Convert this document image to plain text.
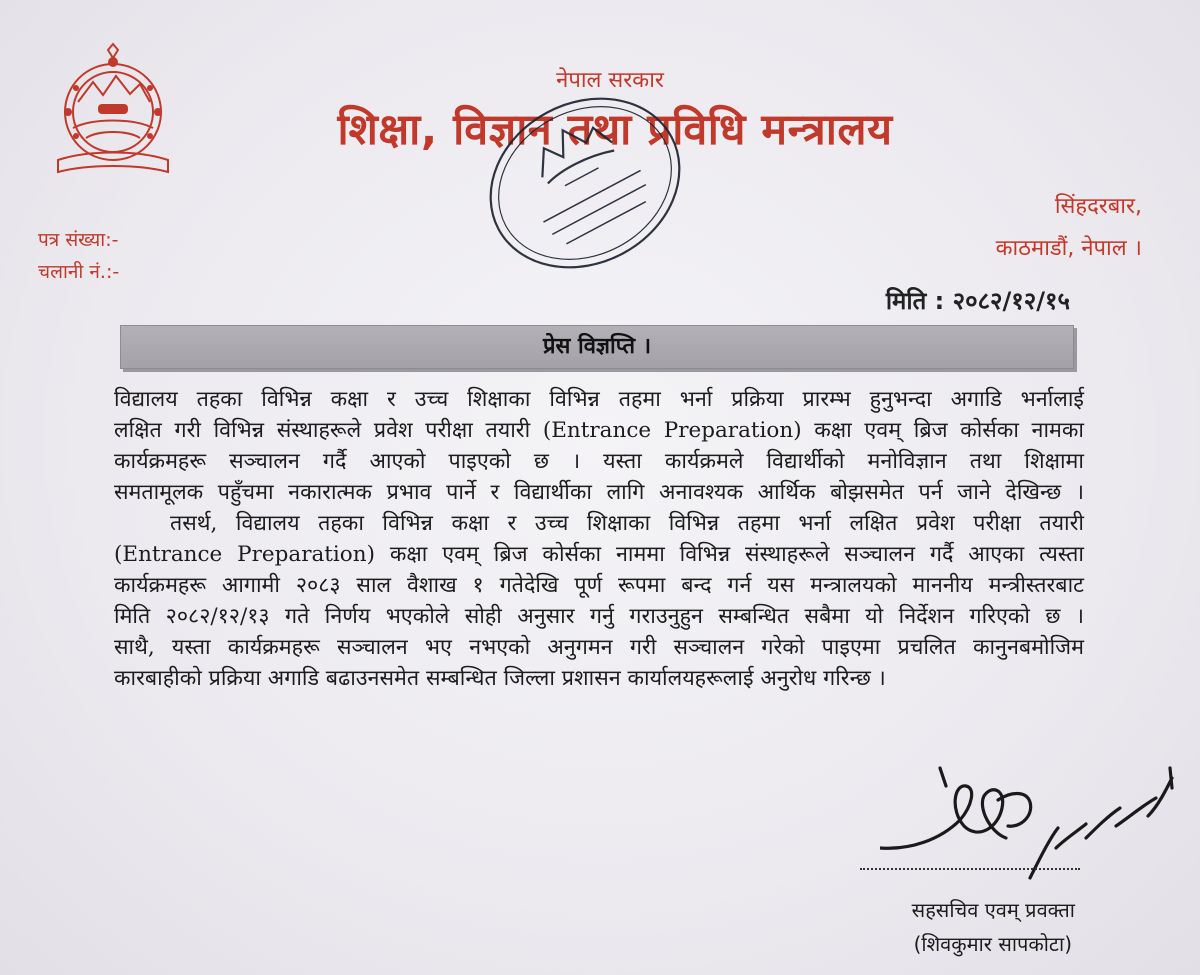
नेपाल सरकार
शिक्षा, विज्ञान तथा प्रविधि मन्त्रालय
पत्र संख्या:-
चलानी नं.:-
सिंहदरबार,
काठमाडौं, नेपाल ।
मिति : २०८२/१२/१५
प्रेस विज्ञप्ति ।
विद्यालय तहका विभिन्न कक्षा र उच्च शिक्षाका विभिन्न तहमा भर्ना प्रक्रिया प्रारम्भ हुनुभन्दा अगाडि भर्नालाई
लक्षित गरी विभिन्न संस्थाहरूले प्रवेश परीक्षा तयारी (Entrance Preparation) कक्षा एवम् ब्रिज कोर्सका नामका
कार्यक्रमहरू सञ्चालन गर्दै आएको पाइएको छ । यस्ता कार्यक्रमले विद्यार्थीको मनोविज्ञान तथा शिक्षामा
समतामूलक पहुँचमा नकारात्मक प्रभाव पार्ने र विद्यार्थीका लागि अनावश्यक आर्थिक बोझसमेत पर्न जाने देखिन्छ ।
तसर्थ, विद्यालय तहका विभिन्न कक्षा र उच्च शिक्षाका विभिन्न तहमा भर्ना लक्षित प्रवेश परीक्षा तयारी
(Entrance Preparation) कक्षा एवम् ब्रिज कोर्सका नाममा विभिन्न संस्थाहरूले सञ्चालन गर्दै आएका त्यस्ता
कार्यक्रमहरू आगामी २०८३ साल वैशाख १ गतेदेखि पूर्ण रूपमा बन्द गर्न यस मन्त्रालयको माननीय मन्त्रीस्तरबाट
मिति २०८२/१२/१३ गते निर्णय भएकोले सोही अनुसार गर्नु गराउनुहुन सम्बन्धित सबैमा यो निर्देशन गरिएको छ ।
साथै, यस्ता कार्यक्रमहरू सञ्चालन भए नभएको अनुगमन गरी सञ्चालन गरेको पाइएमा प्रचलित कानुनबमोजिम
कारबाहीको प्रक्रिया अगाडि बढाउनसमेत सम्बन्धित जिल्ला प्रशासन कार्यालयहरूलाई अनुरोध गरिन्छ ।
सहसचिव एवम् प्रवक्ता
(शिवकुमार सापकोटा)
